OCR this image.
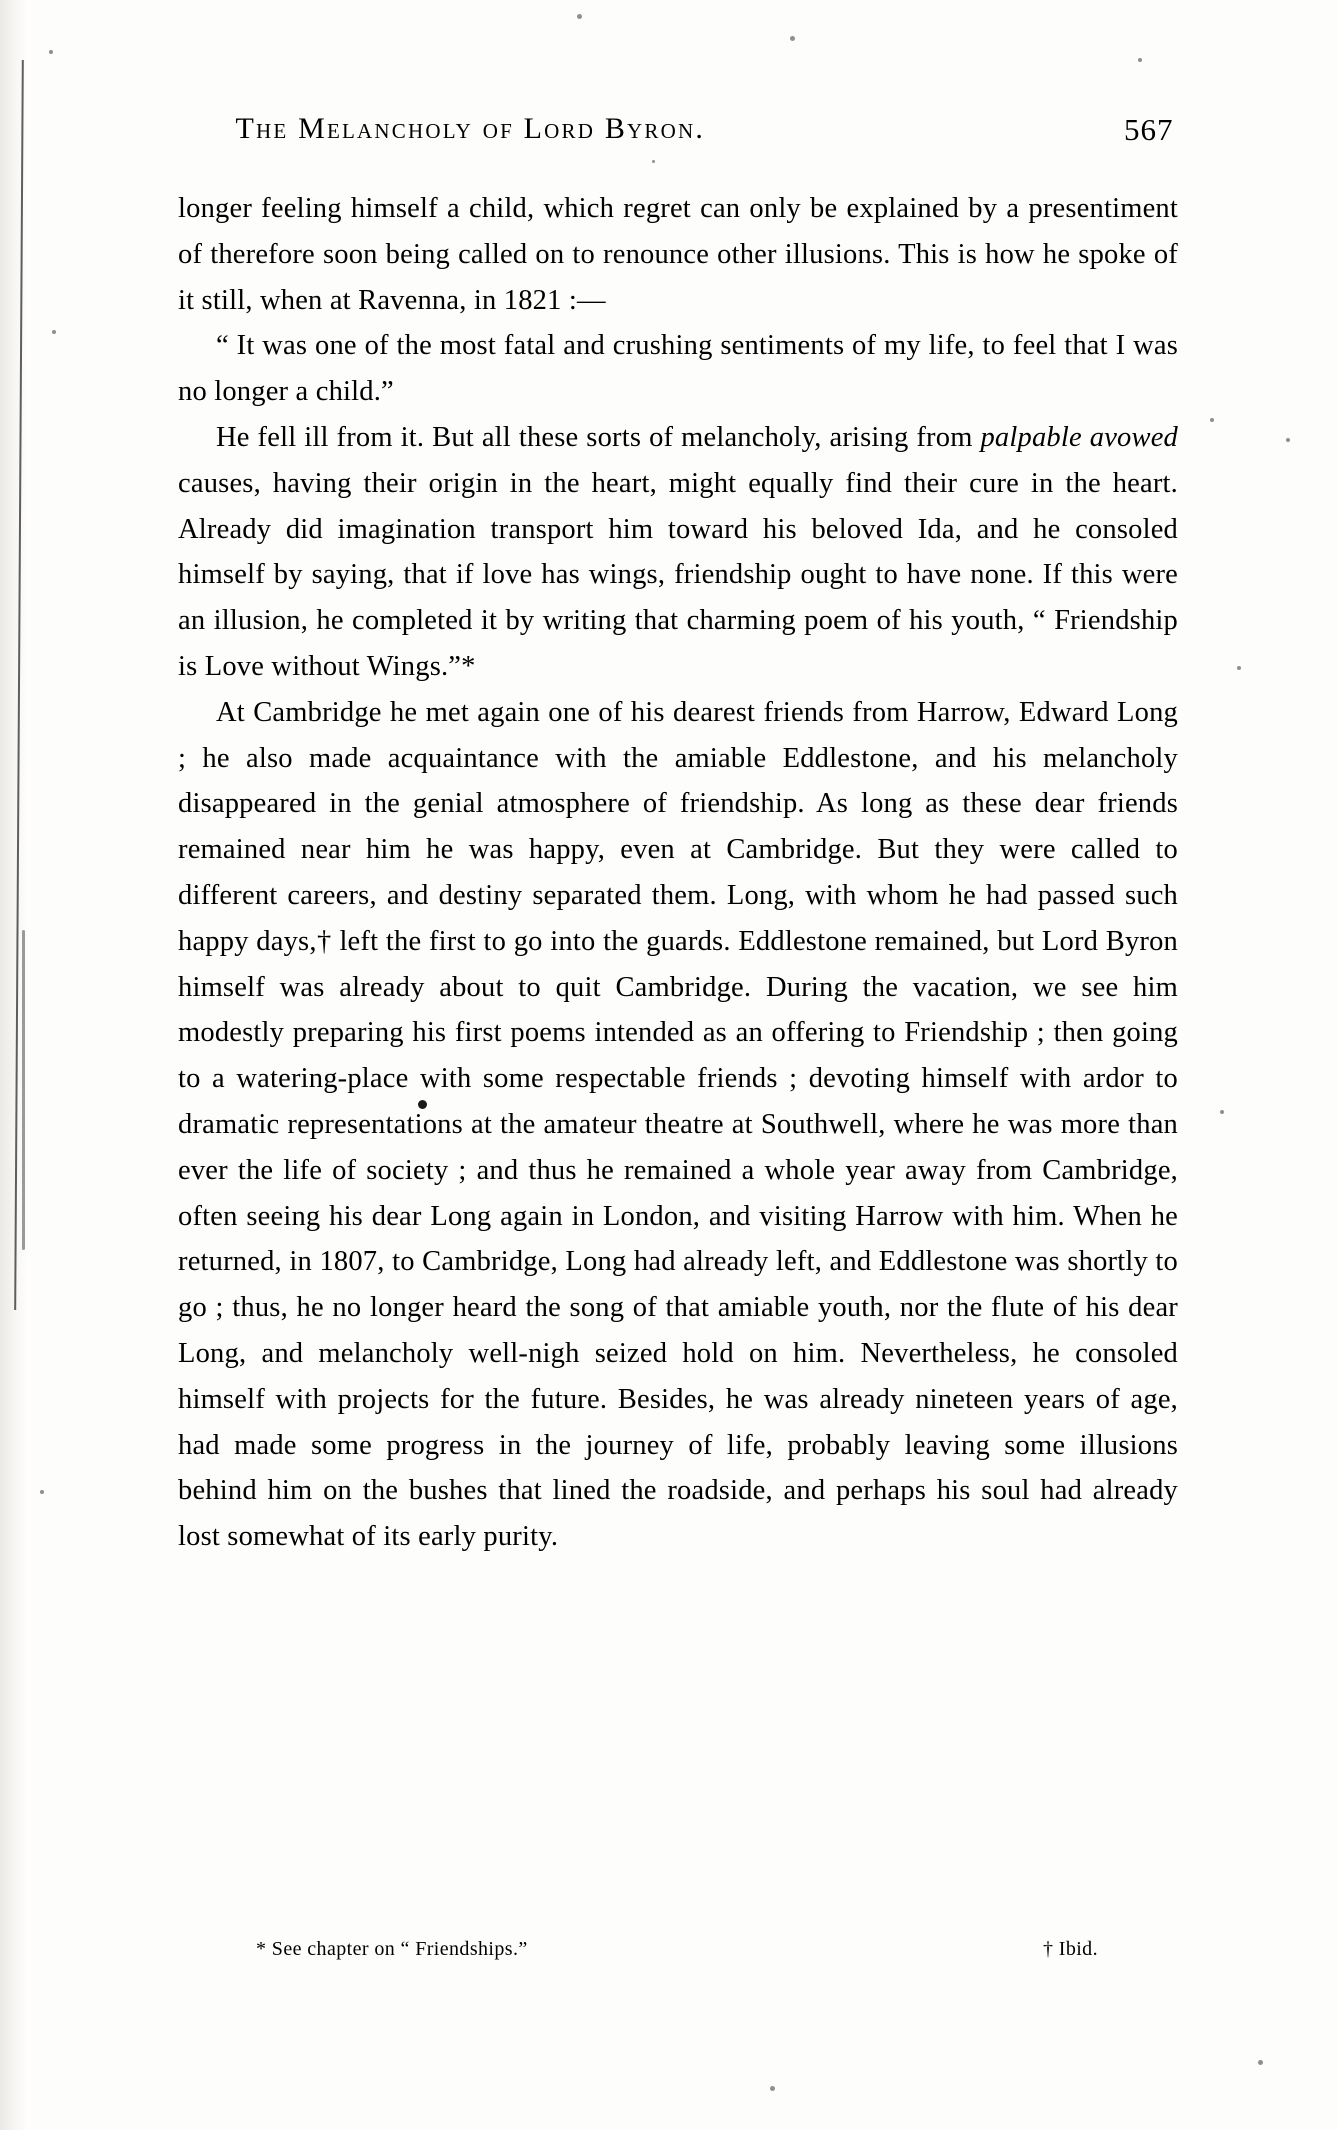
The Melancholy of Lord Byron.	567

longer feeling himself a child, which regret can only be explained by a presentiment of therefore soon being called on to renounce other illusions. This is how he spoke of it still, when at Ravenna, in 1821 :—

“ It was one of the most fatal and crushing sentiments of my life, to feel that I was no longer a child.”

He fell ill from it. But all these sorts of melancholy, arising from palpable avowed causes, having their origin in the heart, might equally find their cure in the heart. Already did imagination transport him toward his beloved Ida, and he consoled himself by saying, that if love has wings, friendship ought to have none. If this were an illusion, he completed it by writing that charming poem of his youth, “ Friendship is Love without Wings.”*

At Cambridge he met again one of his dearest friends from Harrow, Edward Long ; he also made acquaintance with the amiable Eddlestone, and his melancholy disappeared in the genial atmosphere of friendship. As long as these dear friends remained near him he was happy, even at Cambridge. But they were called to different careers, and destiny separated them. Long, with whom he had passed such happy days,† left the first to go into the guards. Eddlestone remained, but Lord Byron himself was already about to quit Cambridge. During the vacation, we see him modestly preparing his first poems intended as an offering to Friendship ; then going to a watering-place with some respectable friends ; devoting himself with ardor to dramatic representations at the amateur theatre at Southwell, where he was more than ever the life of society ; and thus he remained a whole year away from Cambridge, often seeing his dear Long again in London, and visiting Harrow with him. When he returned, in 1807, to Cambridge, Long had already left, and Eddlestone was shortly to go ; thus, he no longer heard the song of that amiable youth, nor the flute of his dear Long, and melancholy well-nigh seized hold on him. Nevertheless, he consoled himself with projects for the future. Besides, he was already nineteen years of age, had made some progress in the journey of life, probably leaving some illusions behind him on the bushes that lined the roadside, and perhaps his soul had already lost somewhat of its early purity.

* See chapter on “ Friendships.”	† Ibid.
